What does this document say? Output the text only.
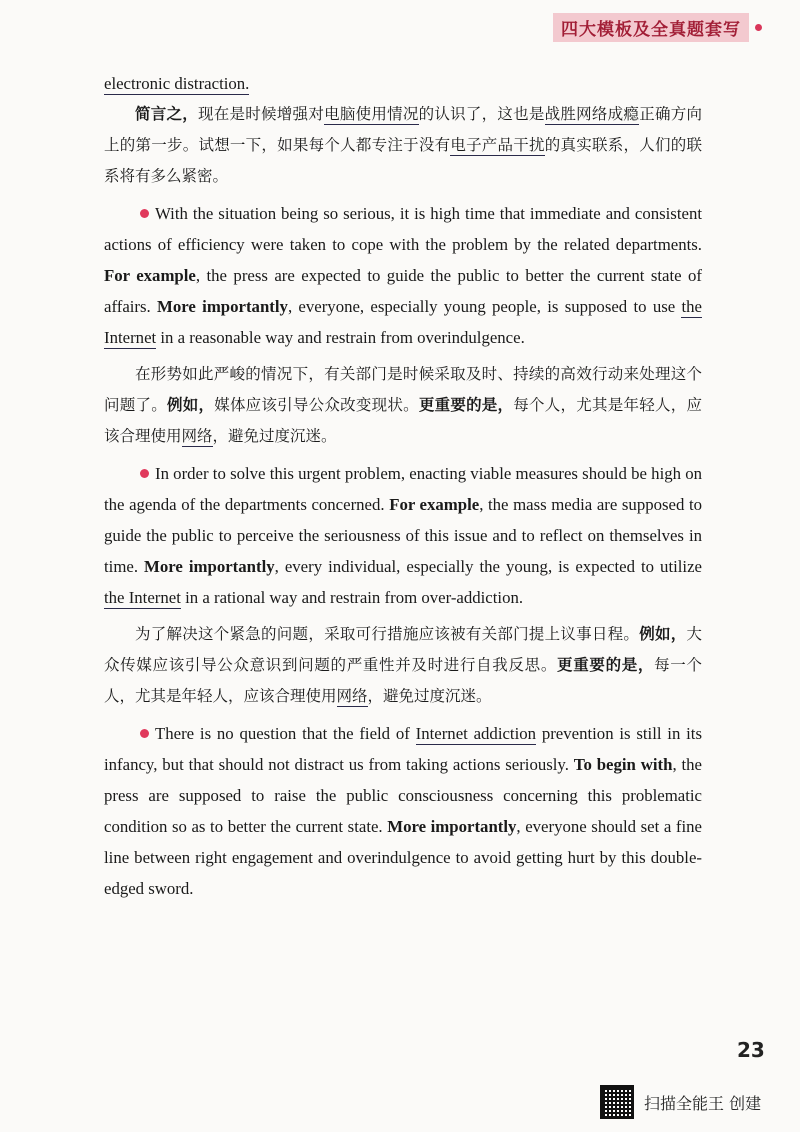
四大模板及全真题套写

electronic distraction.

简言之，现在是时候增强对电脑使用情况的认识了，这也是战胜网络成瘾正确方向上的第一步。试想一下，如果每个人都专注于没有电子产品干扰的真实联系，人们的联系将有多么紧密。

With the situation being so serious, it is high time that immediate and consistent actions of efficiency were taken to cope with the problem by the related departments. For example, the press are expected to guide the public to better the current state of affairs. More importantly, everyone, especially young people, is supposed to use the Internet in a reasonable way and restrain from overindulgence.

在形势如此严峻的情况下，有关部门是时候采取及时、持续的高效行动来处理这个问题了。例如，媒体应该引导公众改变现状。更重要的是，每个人，尤其是年轻人，应该合理使用网络，避免过度沉迷。

In order to solve this urgent problem, enacting viable measures should be high on the agenda of the departments concerned. For example, the mass media are supposed to guide the public to perceive the seriousness of this issue and to reflect on themselves in time. More importantly, every individual, especially the young, is expected to utilize the Internet in a rational way and restrain from over-addiction.

为了解决这个紧急的问题，采取可行措施应该被有关部门提上议事日程。例如，大众传媒应该引导公众意识到问题的严重性并及时进行自我反思。更重要的是，每一个人，尤其是年轻人，应该合理使用网络，避免过度沉迷。

There is no question that the field of Internet addiction prevention is still in its infancy, but that should not distract us from taking actions seriously. To begin with, the press are supposed to raise the public consciousness concerning this problematic condition so as to better the current state. More importantly, everyone should set a fine line between right engagement and overindulgence to avoid getting hurt by this double-edged sword.

23
扫描全能王 创建
